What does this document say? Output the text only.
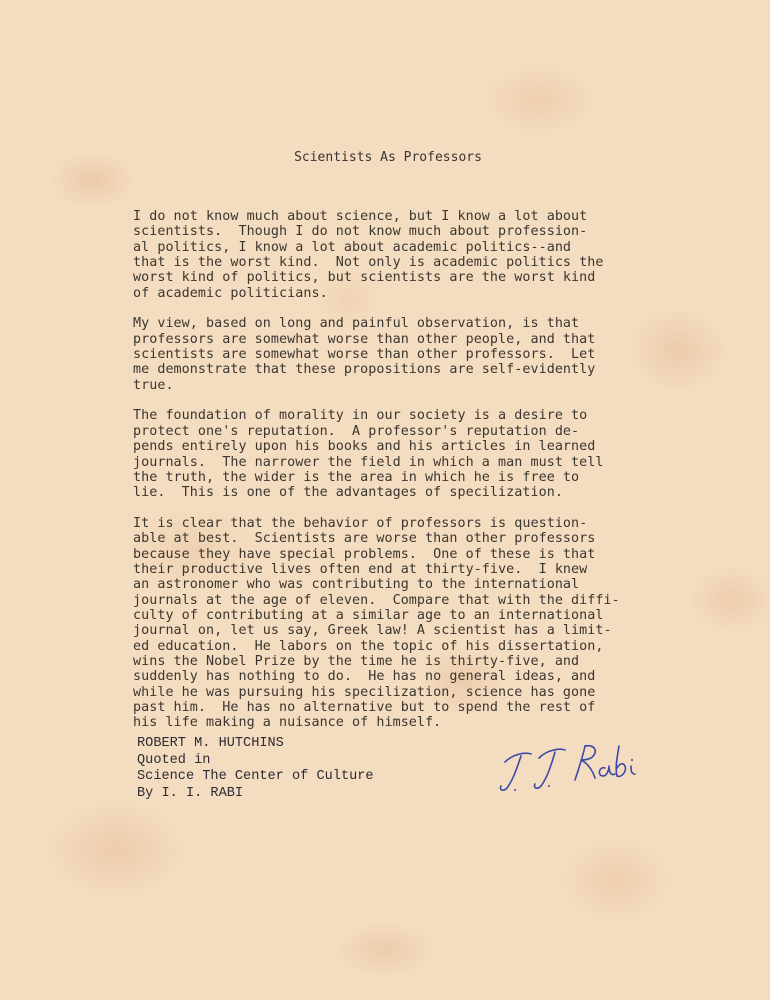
Scientists As Professors
I do not know much about science, but I know a lot about
scientists.  Though I do not know much about profession-
al politics, I know a lot about academic politics--and
that is the worst kind.  Not only is academic politics the
worst kind of politics, but scientists are the worst kind
of academic politicians.
My view, based on long and painful observation, is that
professors are somewhat worse than other people, and that
scientists are somewhat worse than other professors.  Let
me demonstrate that these propositions are self-evidently
true.
The foundation of morality in our society is a desire to
protect one's reputation.  A professor's reputation de-
pends entirely upon his books and his articles in learned
journals.  The narrower the field in which a man must tell
the truth, the wider is the area in which he is free to
lie.  This is one of the advantages of specilization.
It is clear that the behavior of professors is question-
able at best.  Scientists are worse than other professors
because they have special problems.  One of these is that
their productive lives often end at thirty-five.  I knew
an astronomer who was contributing to the international
journals at the age of eleven.  Compare that with the diffi-
culty of contributing at a similar age to an international
journal on, let us say, Greek law! A scientist has a limit-
ed education.  He labors on the topic of his dissertation,
wins the Nobel Prize by the time he is thirty-five, and
suddenly has nothing to do.  He has no general ideas, and
while he was pursuing his specilization, science has gone
past him.  He has no alternative but to spend the rest of
his life making a nuisance of himself.
ROBERT M. HUTCHINS
Quoted in
Science The Center of Culture
By I. I. RABI
